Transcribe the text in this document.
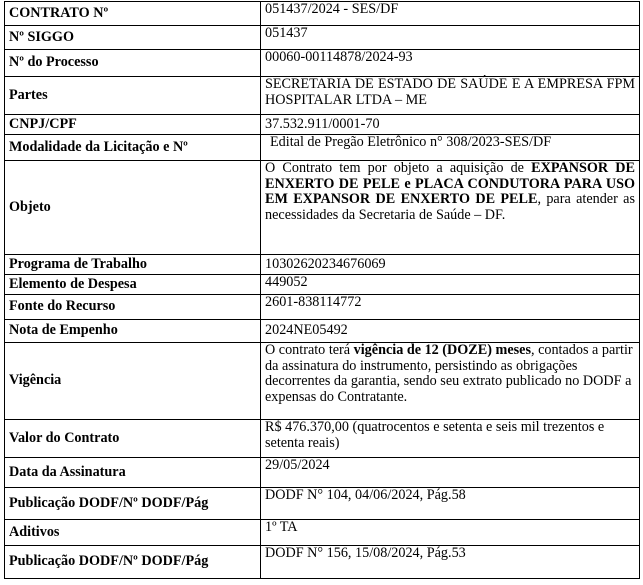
CONTRATO Nº	051437/2024 - SES/DF

Nº SIGGO	051437

Nº do Processo	00060-00114878/2024-93

Partes	SECRETARIA DE ESTADO DE SAÚDE E A EMPRESA FPM HOSPITALAR LTDA – ME

CNPJ/CPF	37.532.911/0001-70

Modalidade da Licitação e Nº	Edital de Pregão Eletrônico n° 308/2023-SES/DF

Objeto	O Contrato tem por objeto a aquisição de EXPANSOR DE ENXERTO DE PELE e PLACA CONDUTORA PARA USO EM EXPANSOR DE ENXERTO DE PELE, para atender as necessidades da Secretaria de Saúde – DF.

Programa de Trabalho	10302620234676069

Elemento de Despesa	449052

Fonte do Recurso	2601-838114772

Nota de Empenho	2024NE05492

Vigência	O contrato terá vigência de 12 (DOZE) meses, contados a partir da assinatura do instrumento, persistindo as obrigações decorrentes da garantia, sendo seu extrato publicado no DODF a expensas do Contratante.

Valor do Contrato	R$ 476.370,00 (quatrocentos e setenta e seis mil trezentos e setenta reais)

Data da Assinatura	29/05/2024

Publicação DODF/Nº DODF/Pág	DODF N° 104, 04/06/2024, Pág.58

Aditivos	1º TA

Publicação DODF/Nº DODF/Pág	DODF N° 156, 15/08/2024, Pág.53
